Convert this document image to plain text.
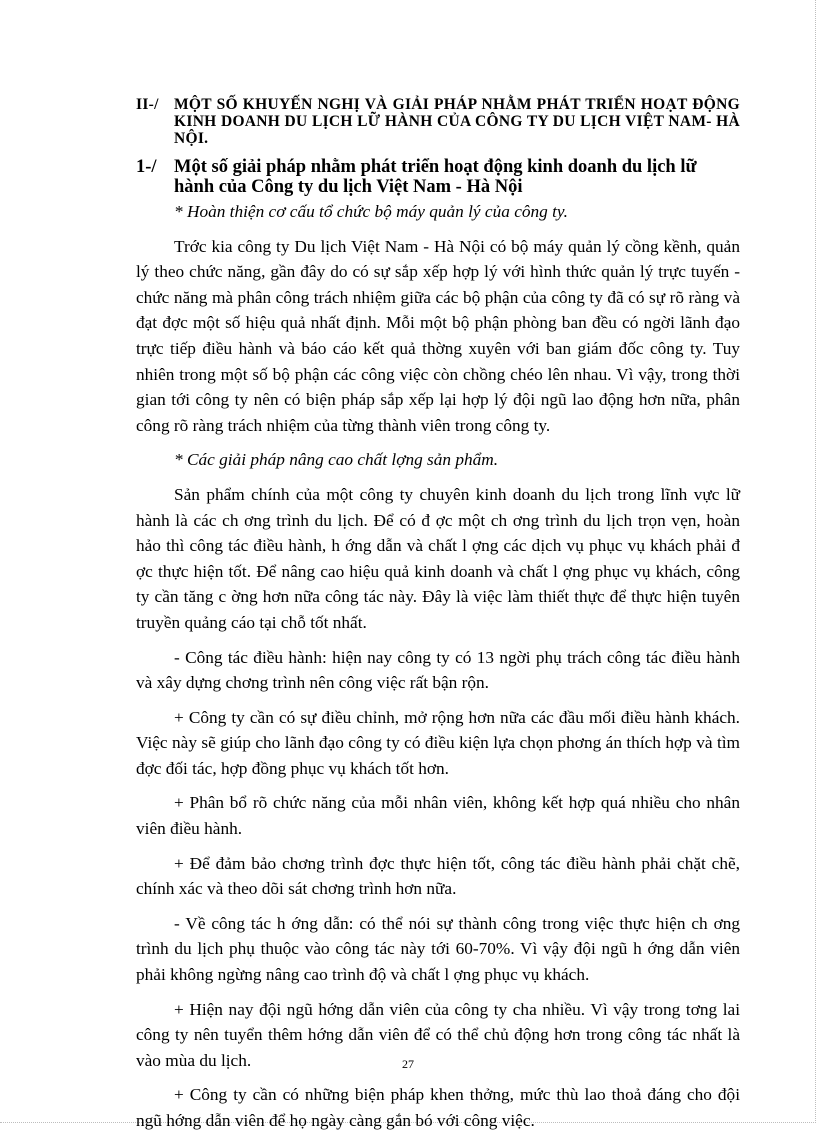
II-/ MỘT SỐ KHUYẾN NGHỊ VÀ GIẢI PHÁP NHẰM PHÁT TRIỂN HOẠT ĐỘNG KINH DOANH DU LỊCH LỮ HÀNH CỦA CÔNG TY DU LỊCH VIỆT NAM- HÀ NỘI.
1-/ Một số giải pháp nhằm phát triển hoạt động kinh doanh du lịch lữ hành của Công ty du lịch Việt Nam - Hà Nội

* Hoàn thiện cơ cấu tổ chức bộ máy quản lý của công ty.

Trớc kia công ty Du lịch Việt Nam - Hà Nội có bộ máy quản lý cồng kềnh, quản lý theo chức năng, gần đây do có sự sắp xếp hợp lý với hình thức quản lý trực tuyến - chức năng mà phân công trách nhiệm giữa các bộ phận của công ty đã có sự rõ ràng và đạt đợc một số hiệu quả nhất định. Mỗi một bộ phận phòng ban đều có ngời lãnh đạo trực tiếp điều hành và báo cáo kết quả thờng xuyên với ban giám đốc công ty. Tuy nhiên trong một số bộ phận các công việc còn chồng chéo lên nhau. Vì vậy, trong thời gian tới công ty nên có biện pháp sắp xếp lại hợp lý đội ngũ lao động hơn nữa, phân công rõ ràng trách nhiệm của từng thành viên trong công ty.

* Các giải pháp nâng cao chất lợng sản phẩm.

Sản phẩm chính của một công ty chuyên kinh doanh du lịch trong lĩnh vực lữ hành là các ch ơng trình du lịch. Để có đ ợc một ch ơng trình du lịch trọn vẹn, hoàn hảo thì công tác điều hành, h ớng dẫn và chất l ợng các dịch vụ phục vụ khách phải đ ợc thực hiện tốt. Để nâng cao hiệu quả kinh doanh và chất l ợng phục vụ khách, công ty cần tăng c ờng hơn nữa công tác này. Đây là việc làm thiết thực để thực hiện tuyên truyền quảng cáo tại chỗ tốt nhất.

- Công tác điều hành: hiện nay công ty có 13 ngời phụ trách công tác điều hành và xây dựng chơng trình nên công việc rất bận rộn.

+ Công ty cần có sự điều chỉnh, mở rộng hơn nữa các đầu mối điều hành khách. Việc này sẽ giúp cho lãnh đạo công ty có điều kiện lựa chọn phơng án thích hợp và tìm đợc đối tác, hợp đồng phục vụ khách tốt hơn.

+ Phân bổ rõ chức năng của mỗi nhân viên, không kết hợp quá nhiều cho nhân viên điều hành.

+ Để đảm bảo chơng trình đợc thực hiện tốt, công tác điều hành phải chặt chẽ, chính xác và theo dõi sát chơng trình hơn nữa.

- Về công tác h ớng dẫn: có thể nói sự thành công trong việc thực hiện ch ơng trình du lịch phụ thuộc vào công tác này tới 60-70%. Vì vậy đội ngũ h ớng dẫn viên phải không ngừng nâng cao trình độ và chất l ợng phục vụ khách.

+ Hiện nay đội ngũ hớng dẫn viên của công ty cha nhiều. Vì vậy trong tơng lai công ty nên tuyển thêm hớng dẫn viên để có thể chủ động hơn trong công tác nhất là vào mùa du lịch.

+ Công ty cần có những biện pháp khen thởng, mức thù lao thoả đáng cho đội ngũ hớng dẫn viên để họ ngày càng gắn bó với công việc.

27
